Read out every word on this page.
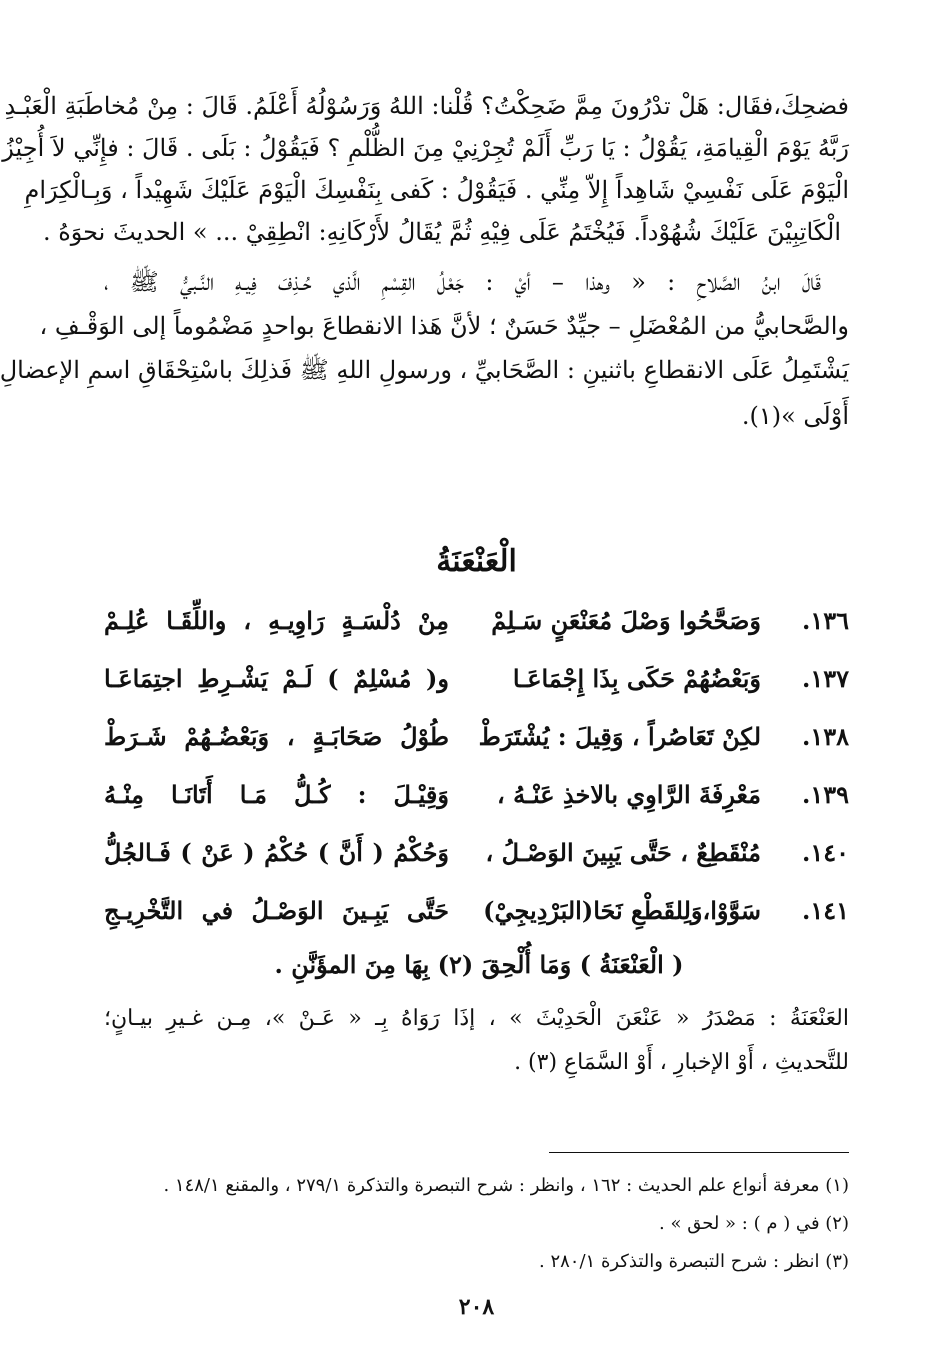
فضحِكَ،فقَال: هَلْ تدْرُونَ مِمَّ ضَحِكْتُ؟ قُلْنا: اللهُ وَرَسُوْلُهُ أَعْلَمُ. قَالَ : مِنْ مُخاطَبَةِ الْعَبْـدِ
رَبَّهُ يَوْمَ الْقِيامَةِ، يَقُوْلُ : يَا رَبِّ أَلَمْ تُجِرْنِيْ مِنَ الظُّلْمِ ؟ فَيَقُوْلُ : بَلَى . قَالَ : فإِنِّي لاَ أُجِيْزُ
الْيَوْمَ عَلَى نَفْسِيْ شَاهِداً إِلاّ مِنِّي . فَيَقُوْلُ : كَفى بِنَفْسِكَ الْيَوْمَ عَلَيْكَ شَهِيْداً ، وَبِـالْكِرَامِ
الْكَاتِبِيْنَ عَلَيْكَ شُهُوْداً. فَيُخْتَمُ عَلَى فِيْهِ ثُمَّ يُقَالُ لأَرْكَانِهِ: انْطِقِيْ ... » الحديثَ نحوَهُ .
قَالَ ابنُ الصَّلاحِ : « وهذا – أيْ : جَعْلُ القِسْمِ الَّذي حُـذِفَ فِيـهِ النَّـبيُّ ﷺ ،
والصَّحابيُّ من المُعْضَلِ – جيِّدٌ حَسَنٌ ؛ لأنَّ هَذا الانقطاعَ بواحدٍ مَضْمُوماً إلى الوَقْـفِ ،
يَشْتَمِلُ عَلَى الانقطاعِ باثنينِ : الصَّحَابيِّ ، ورسولِ اللهِ ﷺ فَذلِكَ باسْتِحْقَاقِ اسمِ الإعضالِ
أَوْلَى »(١).
الْعَنْعَنَةُ
١٣٦.
وَصَحَّحُوا وَصْلَ مُعَنْعَنٍ سَـلِمْ
مِنْ دُلْسَـةٍ رَاوِيـهِ ، واللِّقَـا عُلِـمْ
١٣٧.
وَبَعْضُهُمْ حَكَى بِذَا إِجْمَاعَـا
و( مُسْلِمٌ ) لَـمْ يَشْـرِطِ اجتِمَاعَـا
١٣٨.
لكِنْ تَعَاصُراً ، وَقِيلَ : يُشْتَرَطْ
طُوْلُ صَحَابَـةٍ ، وَبَعْضُـهُمْ شَـرَطْ
١٣٩.
مَعْرِفَةَ الرَّاوِي بالاخذِ عَنْـهُ ،
وَقِيْـلَ : كُـلُّ مَـا أَتَانَـا مِنْـهُ
١٤٠.
مُنْقَطِعٌ ، حَتَّى يَبِينَ الوَصْـلُ ،
وَحُكْمُ ( أَنَّ ) حُكْمُ ( عَنْ ) فَـالجُلُّ
١٤١.
سَوَّوْا،وَلِلقَطْعِ نَحَا(البَرْدِيجِيْ)
حَتَّى يَبِـينَ الوَصْـلُ في التَّخْرِيـجِ
( الْعَنْعَنَةُ ) وَمَا أُلْحِقَ (٢) بِهَا مِنَ المؤَنَّنِ .
العَنْعَنَةُ : مَصْدَرُ « عَنْعَنَ الْحَدِيْثَ » ، إذَا رَوَاهُ بِـ « عَـنْ »، مِـن غـيرِ بيـانٍ؛
للتَّحديثِ ، أَوْ الإخبارِ ، أَوْ السَّمَاعِ (٣) .
(١) معرفة أنواع علم الحديث : ١٦٢ ، وانظر : شرح التبصرة والتذكرة ٢٧٩/١ ، والمقنع ١٤٨/١ .
(٢) في ( م ) : « لحق » .
(٣) انظر : شرح التبصرة والتذكرة ٢٨٠/١ .
٢٠٨
